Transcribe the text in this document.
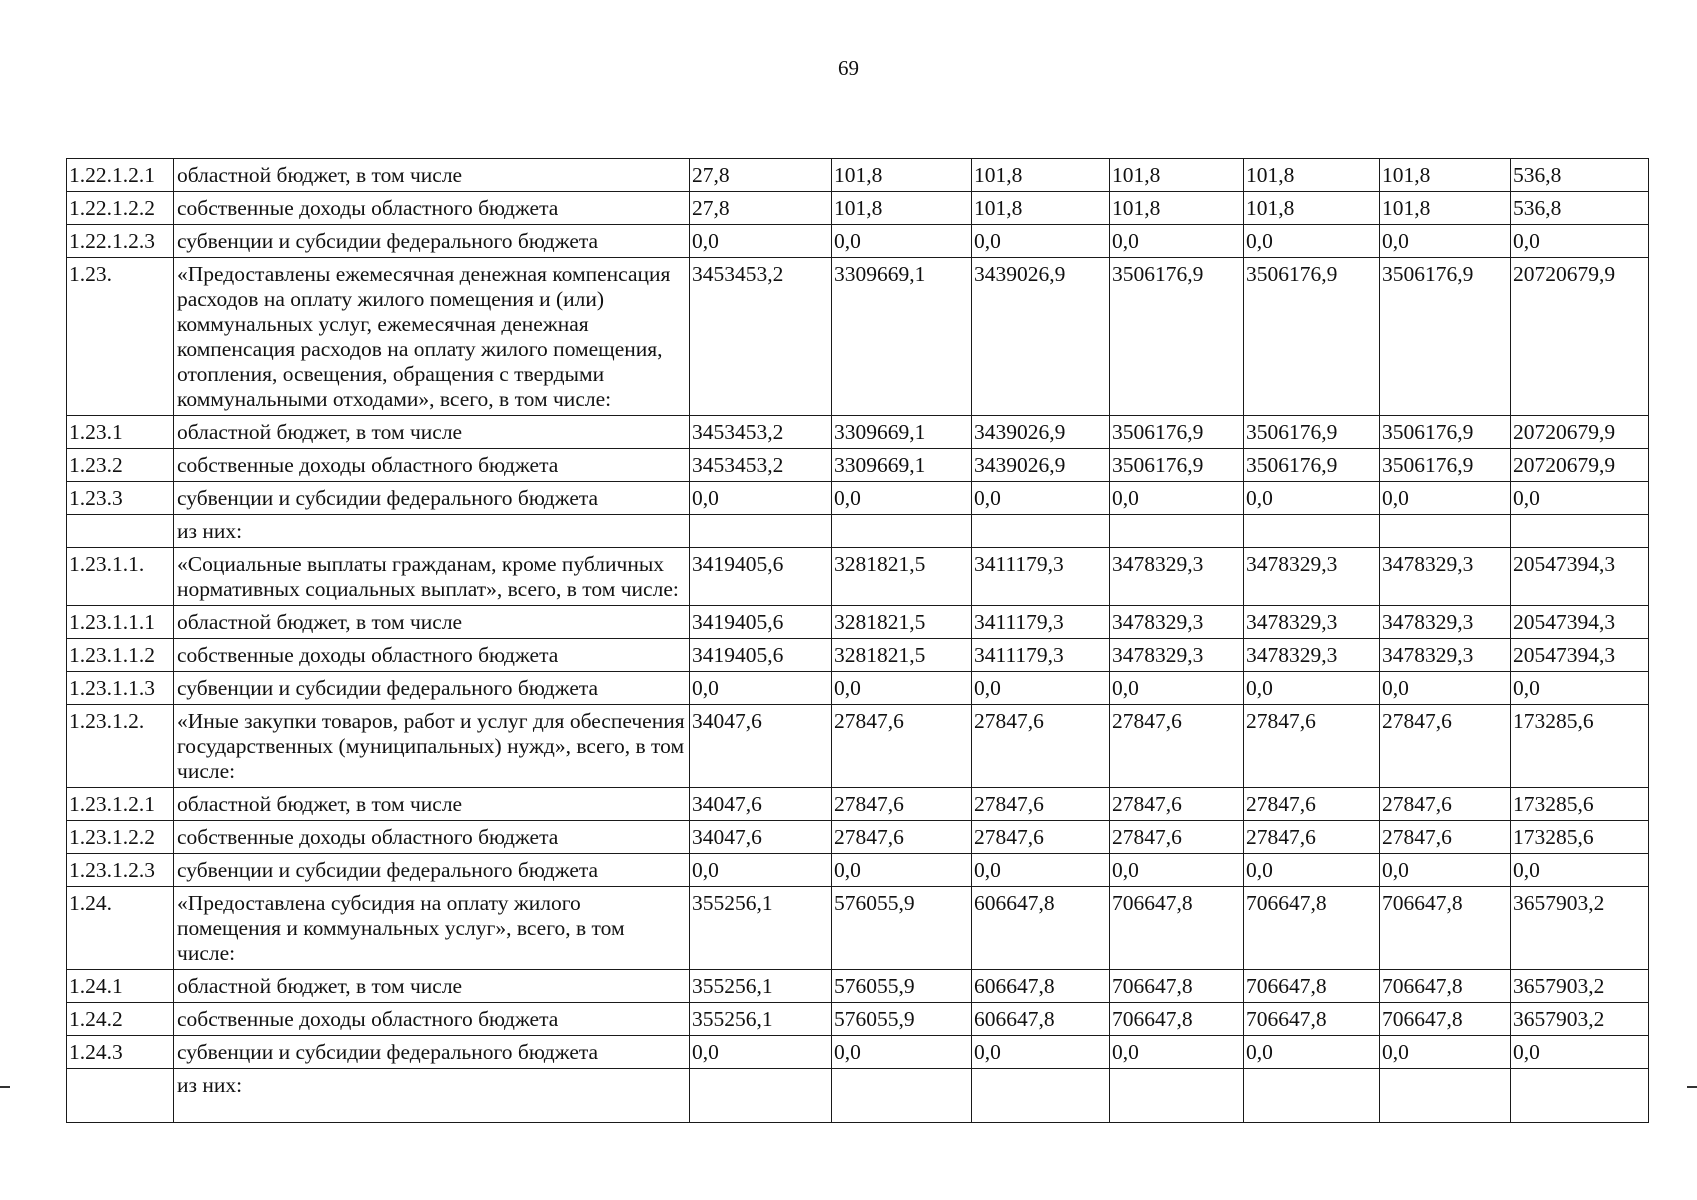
69
1.22.1.2.1	областной бюджет, в том числе	27,8	101,8	101,8	101,8	101,8	101,8	536,8
1.22.1.2.2	собственные доходы областного бюджета	27,8	101,8	101,8	101,8	101,8	101,8	536,8
1.22.1.2.3	субвенции и субсидии федерального бюджета	0,0	0,0	0,0	0,0	0,0	0,0	0,0
1.23.	«Предоставлены ежемесячная денежная компенсация расходов на оплату жилого помещения и (или) коммунальных услуг, ежемесячная денежная компенсация расходов на оплату жилого помещения, отопления, освещения, обращения с твердыми коммунальными отходами», всего, в том числе:	3453453,2	3309669,1	3439026,9	3506176,9	3506176,9	3506176,9	20720679,9
1.23.1	областной бюджет, в том числе	3453453,2	3309669,1	3439026,9	3506176,9	3506176,9	3506176,9	20720679,9
1.23.2	собственные доходы областного бюджета	3453453,2	3309669,1	3439026,9	3506176,9	3506176,9	3506176,9	20720679,9
1.23.3	субвенции и субсидии федерального бюджета	0,0	0,0	0,0	0,0	0,0	0,0	0,0
	из них:							
1.23.1.1.	«Социальные выплаты гражданам, кроме публичных нормативных социальных выплат», всего, в том числе:	3419405,6	3281821,5	3411179,3	3478329,3	3478329,3	3478329,3	20547394,3
1.23.1.1.1	областной бюджет, в том числе	3419405,6	3281821,5	3411179,3	3478329,3	3478329,3	3478329,3	20547394,3
1.23.1.1.2	собственные доходы областного бюджета	3419405,6	3281821,5	3411179,3	3478329,3	3478329,3	3478329,3	20547394,3
1.23.1.1.3	субвенции и субсидии федерального бюджета	0,0	0,0	0,0	0,0	0,0	0,0	0,0
1.23.1.2.	«Иные закупки товаров, работ и услуг для обеспечения государственных (муниципальных) нужд», всего, в том числе:	34047,6	27847,6	27847,6	27847,6	27847,6	27847,6	173285,6
1.23.1.2.1	областной бюджет, в том числе	34047,6	27847,6	27847,6	27847,6	27847,6	27847,6	173285,6
1.23.1.2.2	собственные доходы областного бюджета	34047,6	27847,6	27847,6	27847,6	27847,6	27847,6	173285,6
1.23.1.2.3	субвенции и субсидии федерального бюджета	0,0	0,0	0,0	0,0	0,0	0,0	0,0
1.24.	«Предоставлена субсидия на оплату жилого помещения и коммунальных услуг», всего, в том числе:	355256,1	576055,9	606647,8	706647,8	706647,8	706647,8	3657903,2
1.24.1	областной бюджет, в том числе	355256,1	576055,9	606647,8	706647,8	706647,8	706647,8	3657903,2
1.24.2	собственные доходы областного бюджета	355256,1	576055,9	606647,8	706647,8	706647,8	706647,8	3657903,2
1.24.3	субвенции и субсидии федерального бюджета	0,0	0,0	0,0	0,0	0,0	0,0	0,0
	из них:							
